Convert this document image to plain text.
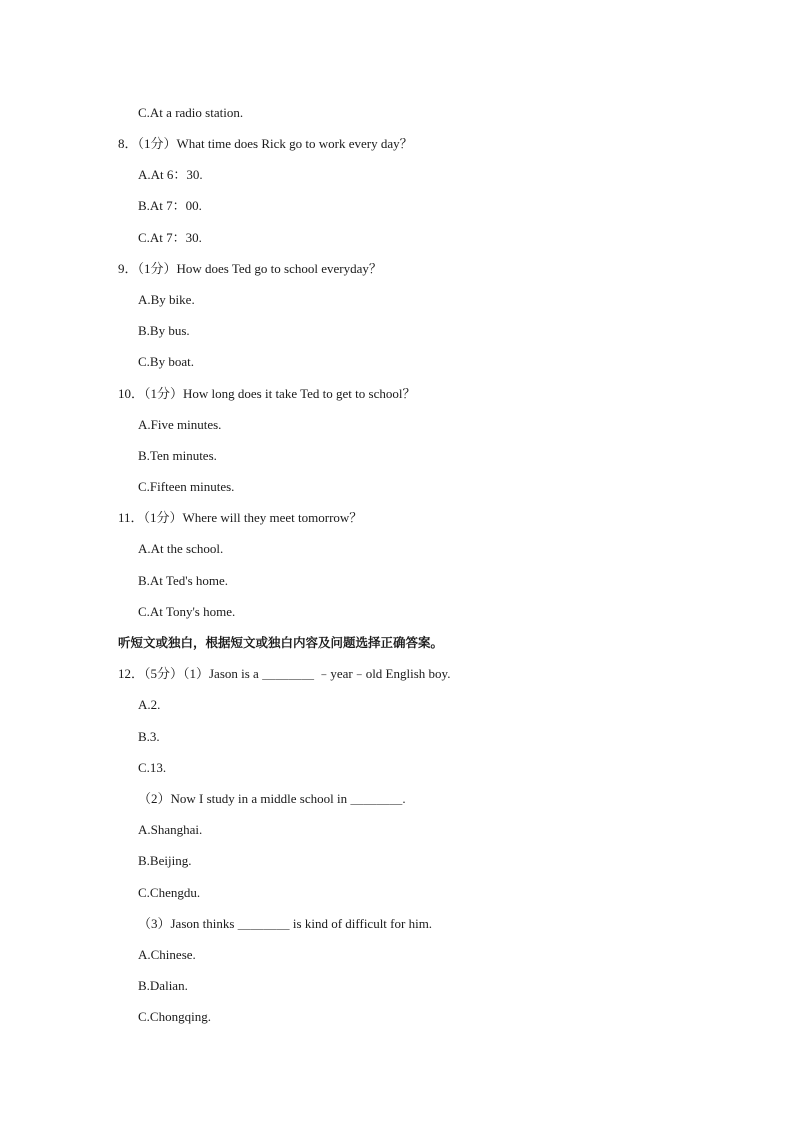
C.At a radio station.
8．（1分）What time does Rick go to work every day？
A.At 6：30.
B.At 7：00.
C.At 7：30.
9．（1分）How does Ted go to school everyday？
A.By bike.
B.By bus.
C.By boat.
10．（1分）How long does it take Ted to get to school？
A.Five minutes.
B.Ten minutes.
C.Fifteen minutes.
11．（1分）Where will they meet tomorrow？
A.At the school.
B.At Ted's home.
C.At Tony's home.
听短文或独白，根据短文或独白内容及问题选择正确答案。
12．（5分）（1）Jason is a ＿＿＿＿ ﹣year﹣old English boy.
A.2.
B.3.
C.13.
（2）Now I study in a middle school in ＿＿＿＿.
A.Shanghai.
B.Beijing.
C.Chengdu.
（3）Jason thinks ＿＿＿＿ is kind of difficult for him.
A.Chinese.
B.Dalian.
C.Chongqing.
